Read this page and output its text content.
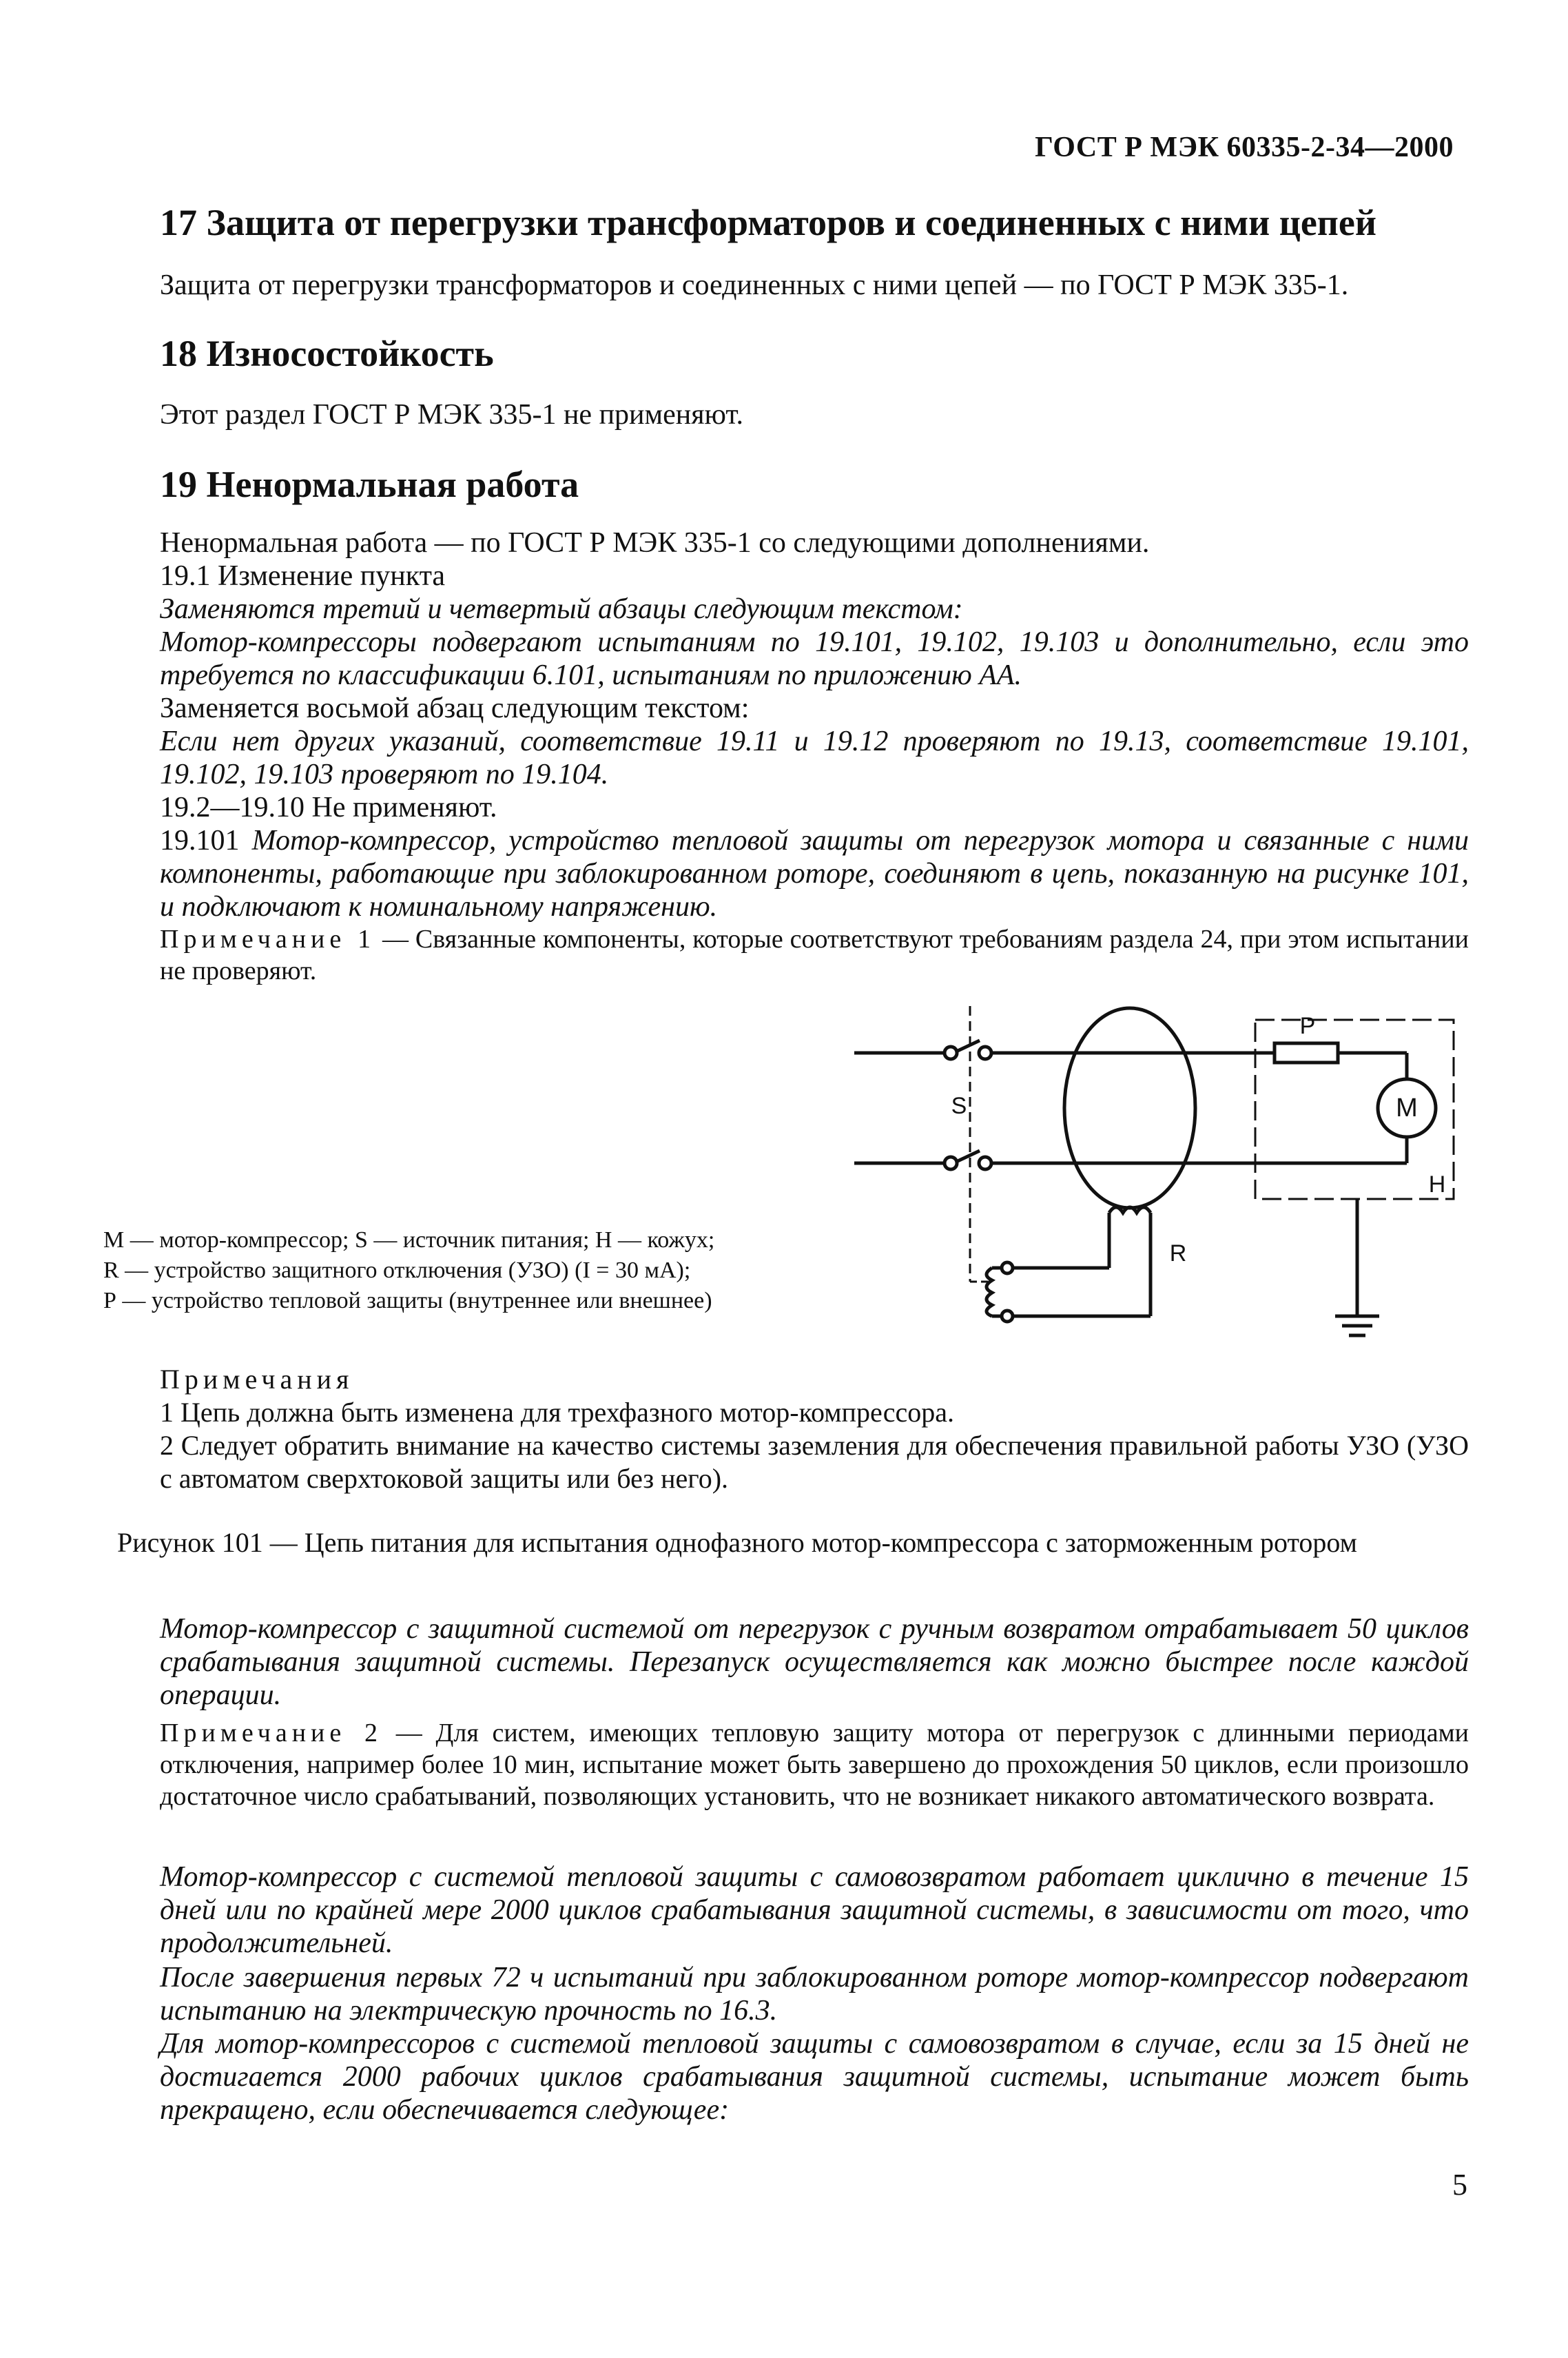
ГОСТ Р МЭК 60335-2-34—2000
17 Защита от перегрузки трансформаторов и соединенных с ними цепей
Защита от перегрузки трансформаторов и соединенных с ними цепей — по ГОСТ Р МЭК 335-1.
18 Износостойкость
Этот раздел ГОСТ Р МЭК 335-1 не применяют.
19 Ненормальная работа
Ненормальная работа — по ГОСТ Р МЭК 335-1 со следующими дополнениями.
19.1 Изменение пункта
Заменяются третий и четвертый абзацы следующим текстом:
Мотор-компрессоры подвергают испытаниям по 19.101, 19.102, 19.103 и дополнительно, если это требуется по классификации 6.101, испытаниям по приложению АА.
Заменяется восьмой абзац следующим текстом:
Если нет других указаний, соответствие 19.11 и 19.12 проверяют по 19.13, соответствие 19.101, 19.102, 19.103 проверяют по 19.104.
19.2—19.10 Не применяют.
19.101 Мотор-компрессор, устройство тепловой защиты от перегрузок мотора и связанные с ними компоненты, работающие при заблокированном роторе, соединяют в цепь, показанную на рисунке 101, и подключают к номинальному напряжению.
Примечание 1 — Связанные компоненты, которые соответствуют требованиям раздела 24, при этом испытании не проверяют.
P
S	M
H
R
М — мотор-компрессор; S — источник питания; Н — кожух;
R — устройство защитного отключения (УЗО) (I = 30 мА);
Р — устройство тепловой защиты (внутреннее или внешнее)
Примечания
1 Цепь должна быть изменена для трехфазного мотор-компрессора.
2 Следует обратить внимание на качество системы заземления для обеспечения правильной работы УЗО (УЗО с автоматом сверхтоковой защиты или без него).
Рисунок 101 — Цепь питания для испытания однофазного мотор-компрессора с заторможенным ротором
Мотор-компрессор с защитной системой от перегрузок с ручным возвратом отрабатывает 50 циклов срабатывания защитной системы. Перезапуск осуществляется как можно быстрее после каждой операции.
Примечание 2 — Для систем, имеющих тепловую защиту мотора от перегрузок с длинными периодами отключения, например более 10 мин, испытание может быть завершено до прохождения 50 циклов, если произошло достаточное число срабатываний, позволяющих установить, что не возникает никакого автоматического возврата.
Мотор-компрессор с системой тепловой защиты с самовозвратом работает циклично в течение 15 дней или по крайней мере 2000 циклов срабатывания защитной системы, в зависимости от того, что продолжительней.
После завершения первых 72 ч испытаний при заблокированном роторе мотор-компрессор подвергают испытанию на электрическую прочность по 16.3.
Для мотор-компрессоров с системой тепловой защиты с самовозвратом в случае, если за 15 дней не достигается 2000 рабочих циклов срабатывания защитной системы, испытание может быть прекращено, если обеспечивается следующее:
5
